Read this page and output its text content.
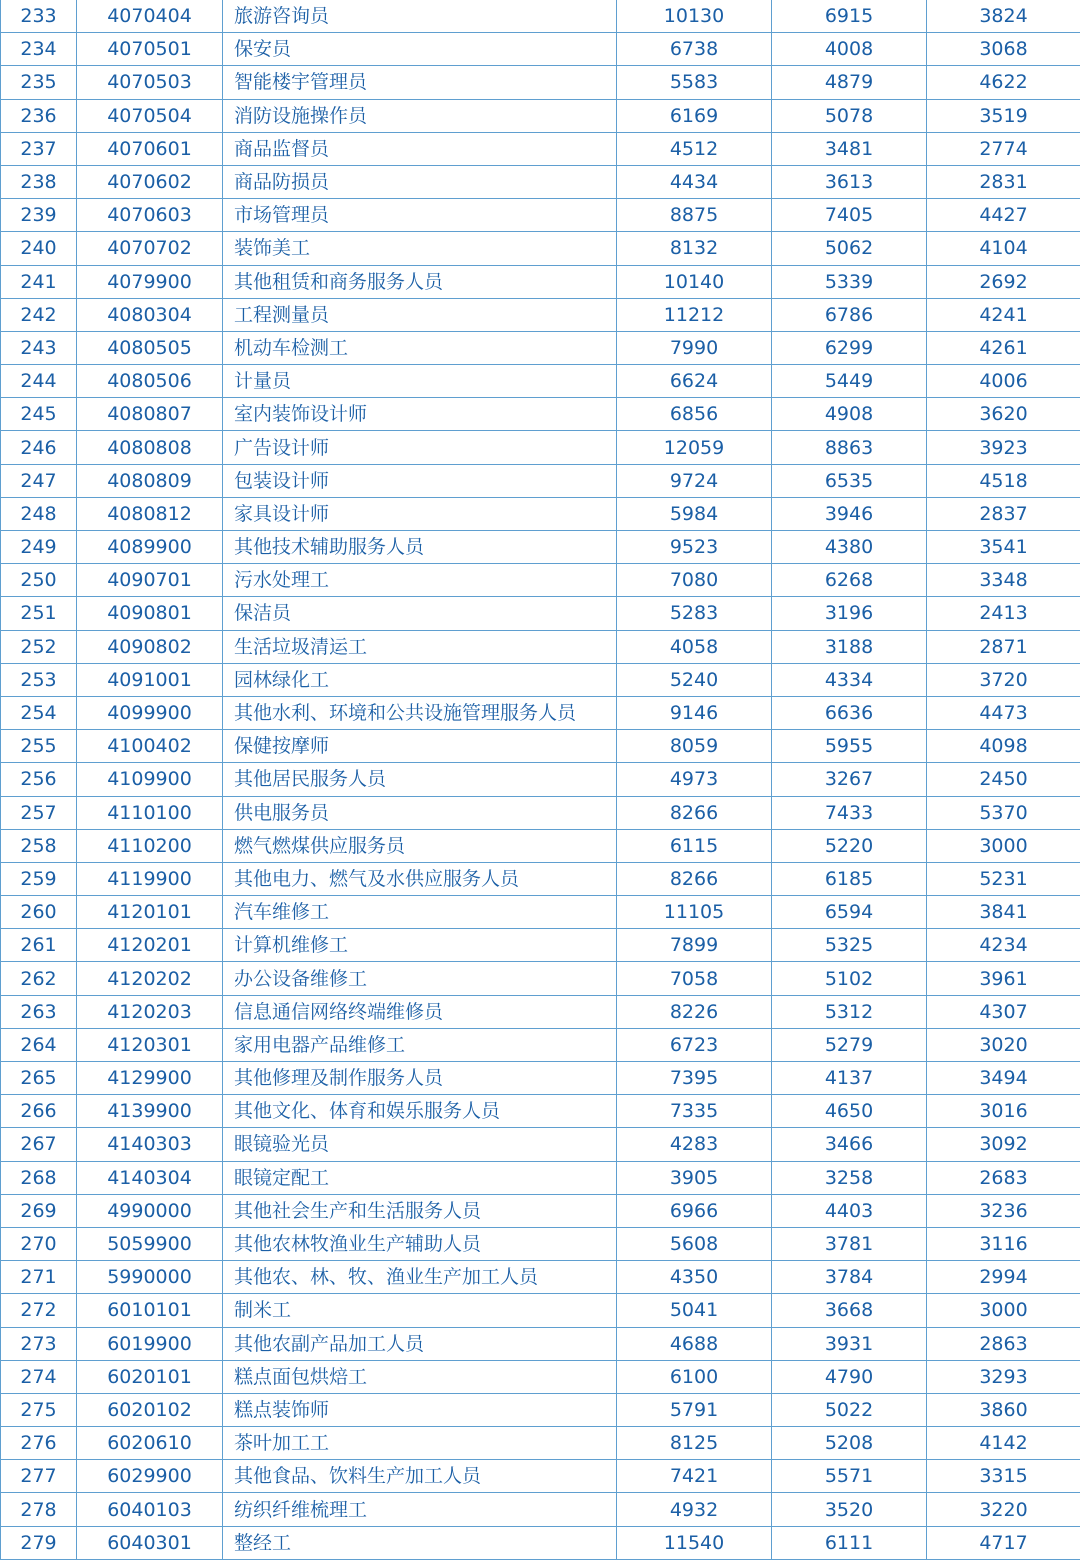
233	4070404	旅游咨询员	10130	6915	3824
234	4070501	保安员	6738	4008	3068
235	4070503	智能楼宇管理员	5583	4879	4622
236	4070504	消防设施操作员	6169	5078	3519
237	4070601	商品监督员	4512	3481	2774
238	4070602	商品防损员	4434	3613	2831
239	4070603	市场管理员	8875	7405	4427
240	4070702	装饰美工	8132	5062	4104
241	4079900	其他租赁和商务服务人员	10140	5339	2692
242	4080304	工程测量员	11212	6786	4241
243	4080505	机动车检测工	7990	6299	4261
244	4080506	计量员	6624	5449	4006
245	4080807	室内装饰设计师	6856	4908	3620
246	4080808	广告设计师	12059	8863	3923
247	4080809	包装设计师	9724	6535	4518
248	4080812	家具设计师	5984	3946	2837
249	4089900	其他技术辅助服务人员	9523	4380	3541
250	4090701	污水处理工	7080	6268	3348
251	4090801	保洁员	5283	3196	2413
252	4090802	生活垃圾清运工	4058	3188	2871
253	4091001	园林绿化工	5240	4334	3720
254	4099900	其他水利、环境和公共设施管理服务人员	9146	6636	4473
255	4100402	保健按摩师	8059	5955	4098
256	4109900	其他居民服务人员	4973	3267	2450
257	4110100	供电服务员	8266	7433	5370
258	4110200	燃气燃煤供应服务员	6115	5220	3000
259	4119900	其他电力、燃气及水供应服务人员	8266	6185	5231
260	4120101	汽车维修工	11105	6594	3841
261	4120201	计算机维修工	7899	5325	4234
262	4120202	办公设备维修工	7058	5102	3961
263	4120203	信息通信网络终端维修员	8226	5312	4307
264	4120301	家用电器产品维修工	6723	5279	3020
265	4129900	其他修理及制作服务人员	7395	4137	3494
266	4139900	其他文化、体育和娱乐服务人员	7335	4650	3016
267	4140303	眼镜验光员	4283	3466	3092
268	4140304	眼镜定配工	3905	3258	2683
269	4990000	其他社会生产和生活服务人员	6966	4403	3236
270	5059900	其他农林牧渔业生产辅助人员	5608	3781	3116
271	5990000	其他农、林、牧、渔业生产加工人员	4350	3784	2994
272	6010101	制米工	5041	3668	3000
273	6019900	其他农副产品加工人员	4688	3931	2863
274	6020101	糕点面包烘焙工	6100	4790	3293
275	6020102	糕点装饰师	5791	5022	3860
276	6020610	茶叶加工工	8125	5208	4142
277	6029900	其他食品、饮料生产加工人员	7421	5571	3315
278	6040103	纺织纤维梳理工	4932	3520	3220
279	6040301	整经工	11540	6111	4717
